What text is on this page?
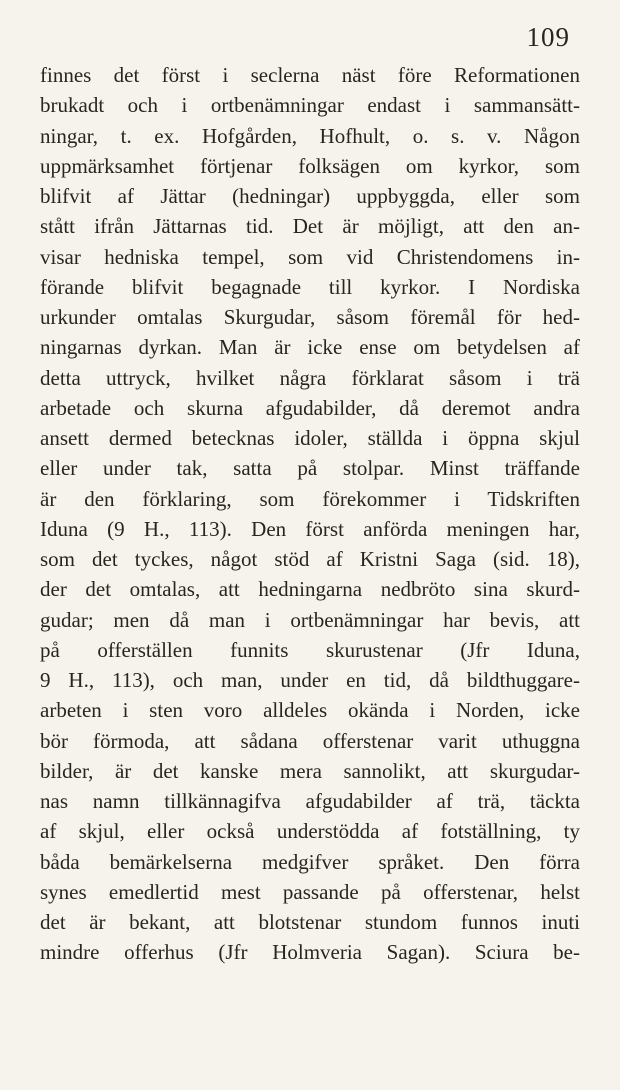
109
finnes det först i seclerna näst före Reformationen
brukadt och i ortbenämningar endast i sammansätt-
ningar, t. ex. Hofgården, Hofhult, o. s. v. Någon
uppmärksamhet förtjenar folksägen om kyrkor, som
blifvit af Jättar (hedningar) uppbyggda, eller som
stått ifrån Jättarnas tid. Det är möjligt, att den an-
visar hedniska tempel, som vid Christendomens in-
förande blifvit begagnade till kyrkor. I Nordiska
urkunder omtalas Skurgudar, såsom föremål för hed-
ningarnas dyrkan. Man är icke ense om betydelsen af
detta uttryck, hvilket några förklarat såsom i trä
arbetade och skurna afgudabilder, då deremot andra
ansett dermed betecknas idoler, ställda i öppna skjul
eller under tak, satta på stolpar. Minst träffande
är den förklaring, som förekommer i Tidskriften
Iduna (9 H., 113). Den först anförda meningen har,
som det tyckes, något stöd af Kristni Saga (sid. 18),
der det omtalas, att hedningarna nedbröto sina skurd-
gudar; men då man i ortbenämningar har bevis, att
på offerställen funnits skurustenar (Jfr Iduna,
9 H., 113), och man, under en tid, då bildthuggare-
arbeten i sten voro alldeles okända i Norden, icke
bör förmoda, att sådana offerstenar varit uthuggna
bilder, är det kanske mera sannolikt, att skurgudar-
nas namn tillkännagifva afgudabilder af trä, täckta
af skjul, eller också understödda af fotställning, ty
båda bemärkelserna medgifver språket. Den förra
synes emedlertid mest passande på offerstenar, helst
det är bekant, att blotstenar stundom funnos inuti
mindre offerhus (Jfr Holmveria Sagan). Sciura be-
